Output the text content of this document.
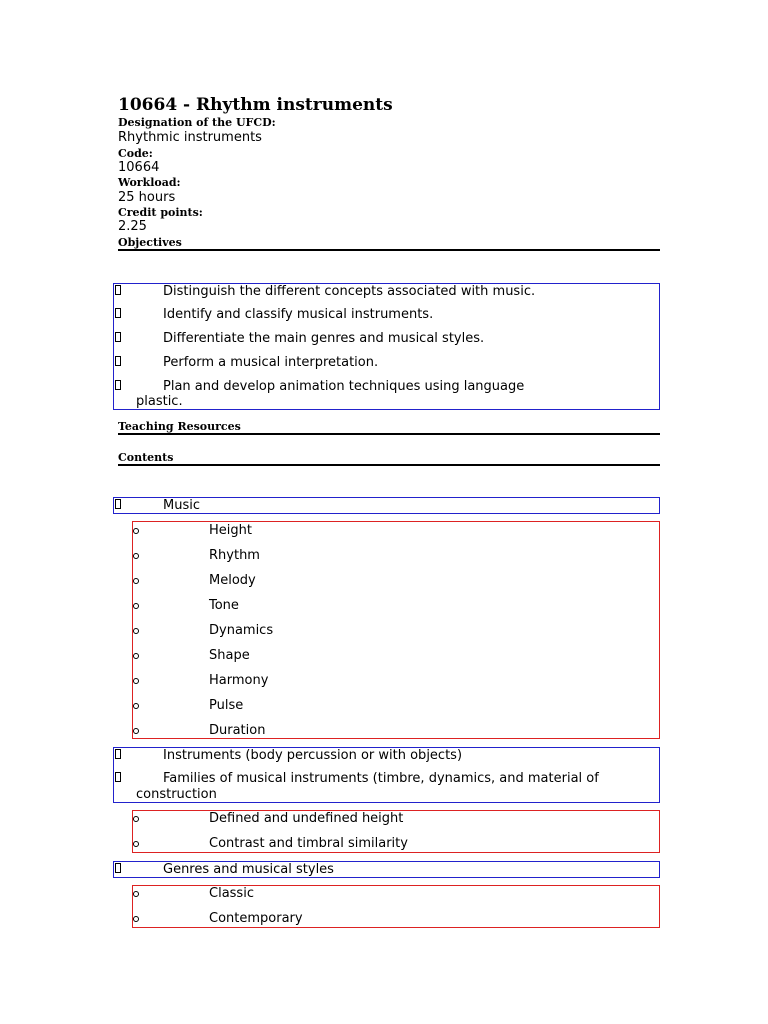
10664 - Rhythm instruments
Designation of the UFCD:
Rhythmic instruments
Code:
10664
Workload:
25 hours
Credit points:
2.25
Objectives
Distinguish the different concepts associated with music.
Identify and classify musical instruments.
Differentiate the main genres and musical styles.
Perform a musical interpretation.
Plan and develop animation techniques using language
plastic.
Teaching Resources
Contents
Music
Height
Rhythm
Melody
Tone
Dynamics
Shape
Harmony
Pulse
Duration
Instruments (body percussion or with objects)
Families of musical instruments (timbre, dynamics, and material of
construction
Defined and undefined height
Contrast and timbral similarity
Genres and musical styles
Classic
Contemporary
